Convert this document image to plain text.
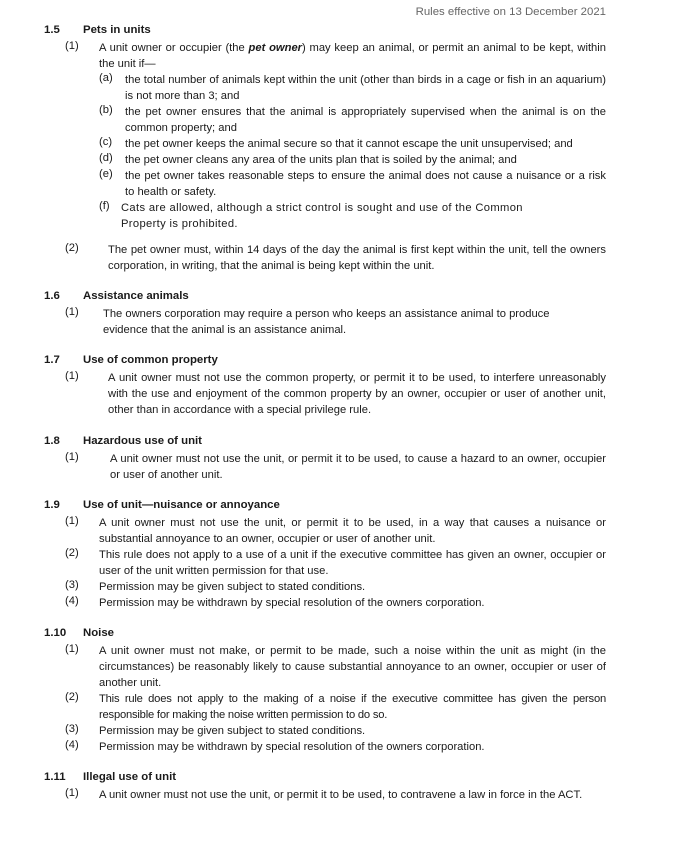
Rules effective on 13 December 2021
1.5 Pets in units
(1) A unit owner or occupier (the pet owner) may keep an animal, or permit an animal to be kept, within the unit if—
(a) the total number of animals kept within the unit (other than birds in a cage or fish in an aquarium) is not more than 3; and
(b) the pet owner ensures that the animal is appropriately supervised when the animal is on the common property; and
(c) the pet owner keeps the animal secure so that it cannot escape the unit unsupervised; and
(d) the pet owner cleans any area of the units plan that is soiled by the animal; and
(e) the pet owner takes reasonable steps to ensure the animal does not cause a nuisance or a risk to health or safety.
(f) Cats are allowed, although a strict control is sought and use of the Common Property is prohibited.
(2)	The pet owner must, within 14 days of the day the animal is first kept within the unit, tell the owners corporation, in writing, that the animal is being kept within the unit.
1.6 Assistance animals
(1) The owners corporation may require a person who keeps an assistance animal to produce evidence that the animal is an assistance animal.
1.7 Use of common property
(1)	A unit owner must not use the common property, or permit it to be used, to interfere unreasonably with the use and enjoyment of the common property by an owner, occupier or user of another unit, other than in accordance with a special privilege rule.
1.8 Hazardous use of unit
(1)	A unit owner must not use the unit, or permit it to be used, to cause a hazard to an owner, occupier or user of another unit.
1.9 Use of unit—nuisance or annoyance
(1) A unit owner must not use the unit, or permit it to be used, in a way that causes a nuisance or substantial annoyance to an owner, occupier or user of another unit.
(2) This rule does not apply to a use of a unit if the executive committee has given an owner, occupier or user of the unit written permission for that use.
(3) Permission may be given subject to stated conditions.
(4) Permission may be withdrawn by special resolution of the owners corporation.
1.10 Noise
(1) A unit owner must not make, or permit to be made, such a noise within the unit as might (in the circumstances) be reasonably likely to cause substantial annoyance to an owner, occupier or user of another unit.
(2) This rule does not apply to the making of a noise if the executive committee has given the person responsible for making the noise written permission to do so.
(3) Permission may be given subject to stated conditions.
(4) Permission may be withdrawn by special resolution of the owners corporation.
1.11 Illegal use of unit
(1) A unit owner must not use the unit, or permit it to be used, to contravene a law in force in the ACT.
